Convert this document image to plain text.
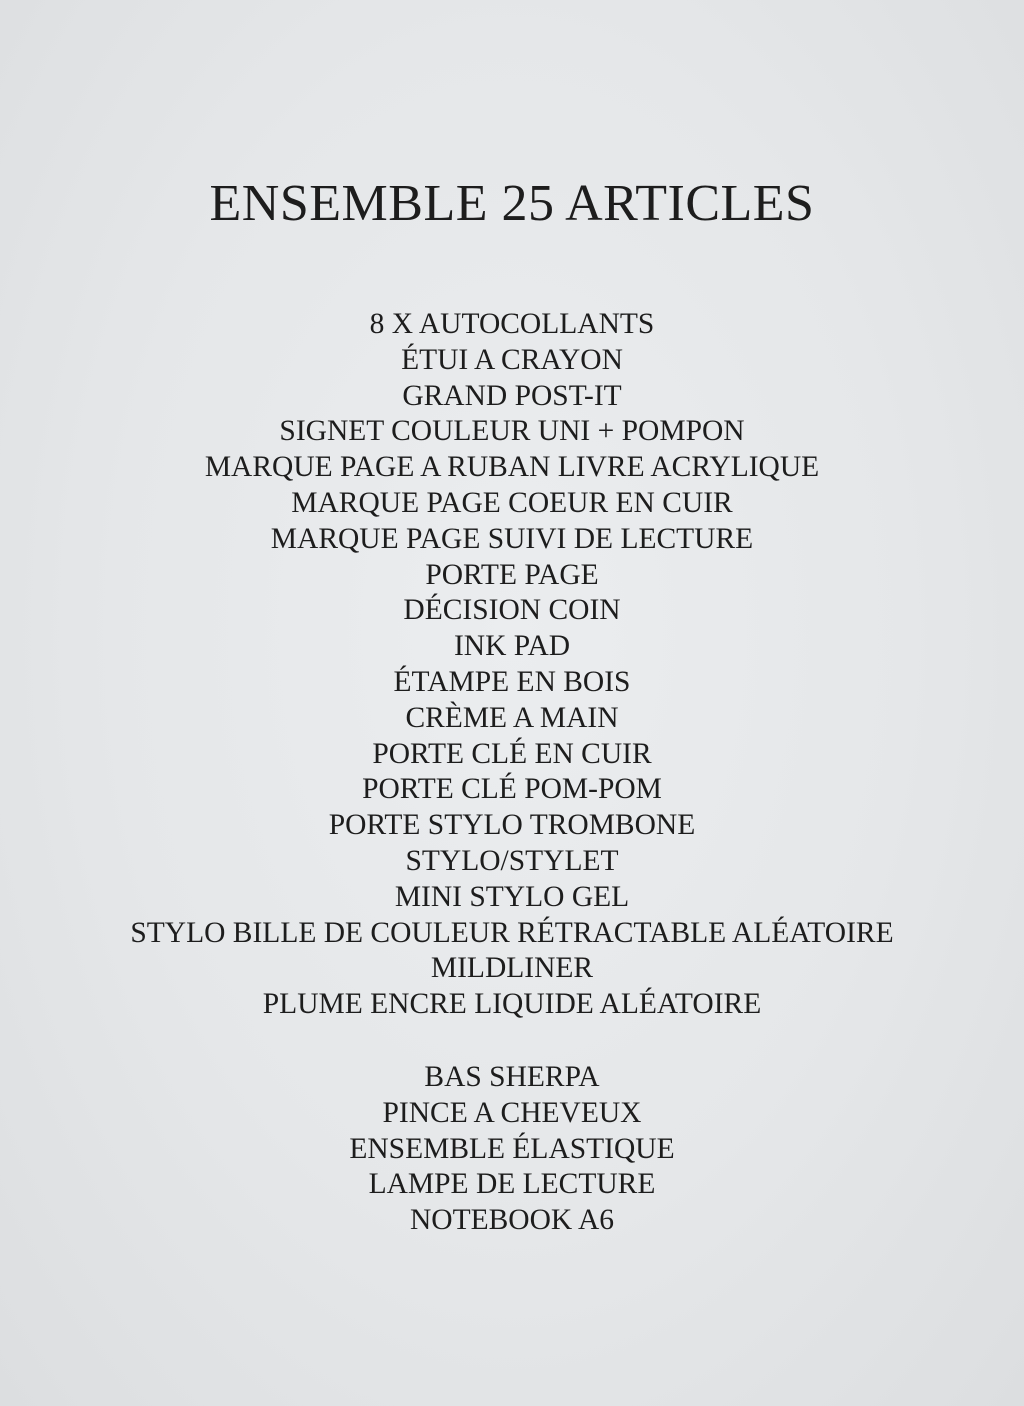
ENSEMBLE 25 ARTICLES
8 X AUTOCOLLANTS
ÉTUI A CRAYON
GRAND POST-IT
SIGNET COULEUR UNI + POMPON
MARQUE PAGE A RUBAN LIVRE ACRYLIQUE
MARQUE PAGE COEUR EN CUIR
MARQUE PAGE SUIVI DE LECTURE
PORTE PAGE
DÉCISION COIN
INK PAD
ÉTAMPE EN BOIS
CRÈME A MAIN
PORTE CLÉ EN CUIR
PORTE CLÉ POM-POM
PORTE STYLO TROMBONE
STYLO/STYLET
MINI STYLO GEL
STYLO BILLE DE COULEUR RÉTRACTABLE ALÉATOIRE
MILDLINER
PLUME ENCRE LIQUIDE ALÉATOIRE
BAS SHERPA
PINCE A CHEVEUX
ENSEMBLE ÉLASTIQUE
LAMPE DE LECTURE
NOTEBOOK A6
